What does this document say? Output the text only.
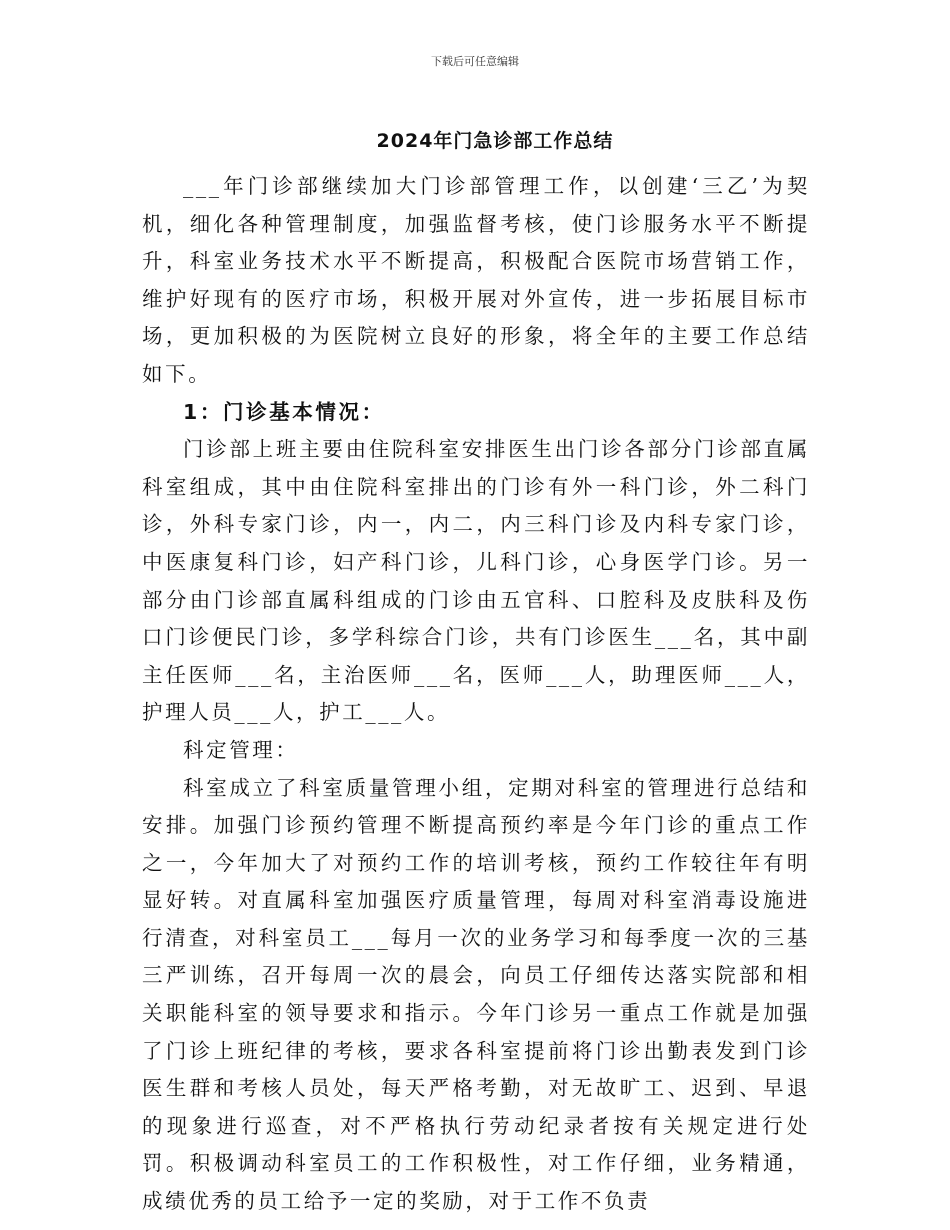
下载后可任意编辑
2024年门急诊部工作总结

___年门诊部继续加大门诊部管理工作，以创建‘三乙’为契机，细化各种管理制度，加强监督考核，使门诊服务水平不断提升，科室业务技术水平不断提高，积极配合医院市场营销工作，维护好现有的医疗市场，积极开展对外宣传，进一步拓展目标市场，更加积极的为医院树立良好的形象，将全年的主要工作总结如下。

1：门诊基本情况：

门诊部上班主要由住院科室安排医生出门诊各部分门诊部直属科室组成，其中由住院科室排出的门诊有外一科门诊，外二科门诊，外科专家门诊，内一，内二，内三科门诊及内科专家门诊，中医康复科门诊，妇产科门诊，儿科门诊，心身医学门诊。另一部分由门诊部直属科组成的门诊由五官科、口腔科及皮肤科及伤口门诊便民门诊，多学科综合门诊，共有门诊医生___名，其中副主任医师___名，主治医师___名，医师___人，助理医师___人，护理人员___人，护工___人。

科定管理：

科室成立了科室质量管理小组，定期对科室的管理进行总结和安排。加强门诊预约管理不断提高预约率是今年门诊的重点工作之一，今年加大了对预约工作的培训考核，预约工作较往年有明显好转。对直属科室加强医疗质量管理，每周对科室消毒设施进行清查，对科室员工___每月一次的业务学习和每季度一次的三基三严训练，召开每周一次的晨会，向员工仔细传达落实院部和相关职能科室的领导要求和指示。今年门诊另一重点工作就是加强了门诊上班纪律的考核，要求各科室提前将门诊出勤表发到门诊医生群和考核人员处，每天严格考勤，对无故旷工、迟到、早退的现象进行巡查，对不严格执行劳动纪录者按有关规定进行处罚。积极调动科室员工的工作积极性，对工作仔细，业务精通，成绩优秀的员工给予一定的奖励，对于工作不负责
